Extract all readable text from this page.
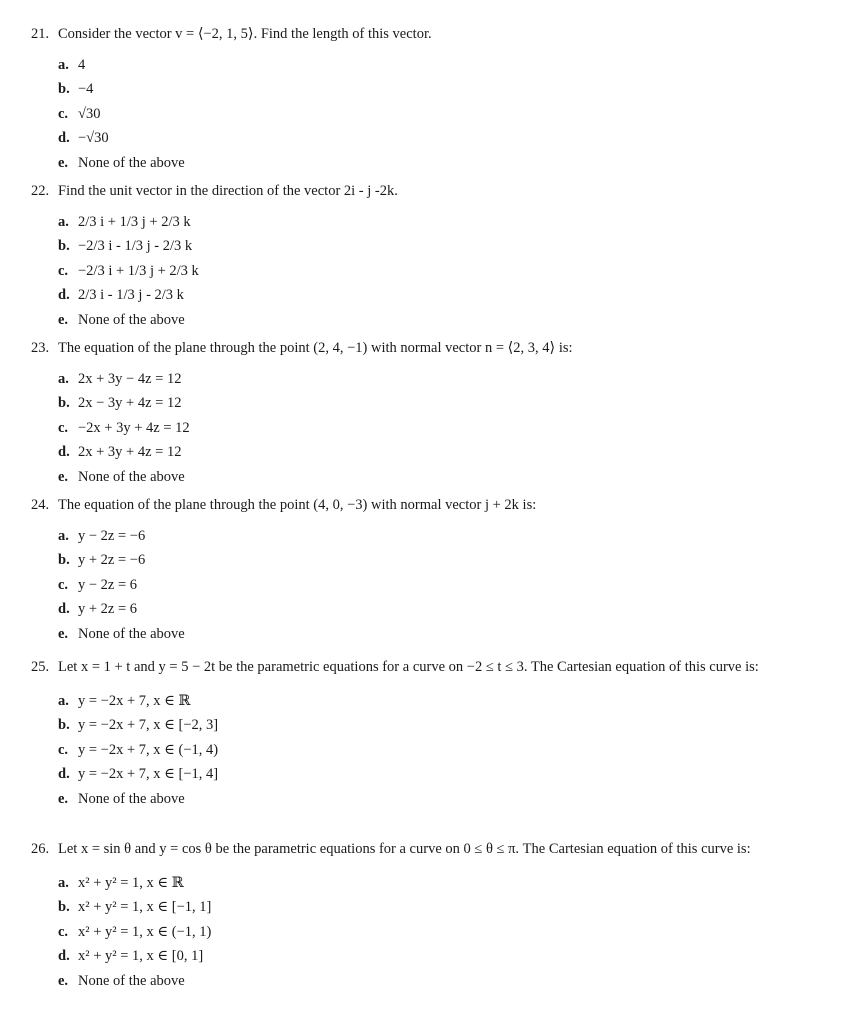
21. Consider the vector v = ⟨−2, 1, 5⟩. Find the length of this vector.
a. 4
b. −4
c. √30
d. −√30
e. None of the above
22. Find the unit vector in the direction of the vector 2i - j -2k.
a. 2/3 i + 1/3 j + 2/3 k
b. −2/3 i - 1/3 j - 2/3 k
c. −2/3 i + 1/3 j + 2/3 k
d. 2/3 i - 1/3 j - 2/3 k
e. None of the above
23. The equation of the plane through the point (2, 4, −1) with normal vector n = ⟨2, 3, 4⟩ is:
a. 2x + 3y − 4z = 12
b. 2x − 3y + 4z = 12
c. −2x + 3y + 4z = 12
d. 2x + 3y + 4z = 12
e. None of the above
24. The equation of the plane through the point (4, 0, −3) with normal vector j + 2k is:
a. y − 2z = −6
b. y + 2z = −6
c. y − 2z = 6
d. y + 2z = 6
e. None of the above
25. Let x = 1 + t and y = 5 − 2t be the parametric equations for a curve on −2 ≤ t ≤ 3. The Cartesian equation of this curve is:
a. y = −2x + 7, x ∈ ℝ
b. y = −2x + 7, x ∈ [−2, 3]
c. y = −2x + 7, x ∈ (−1, 4)
d. y = −2x + 7, x ∈ [−1, 4]
e. None of the above
26. Let x = sin θ and y = cos θ be the parametric equations for a curve on 0 ≤ θ ≤ π. The Cartesian equation of this curve is:
a. x² + y² = 1, x ∈ ℝ
b. x² + y² = 1, x ∈ [−1, 1]
c. x² + y² = 1, x ∈ (−1, 1)
d. x² + y² = 1, x ∈ [0, 1]
e. None of the above
